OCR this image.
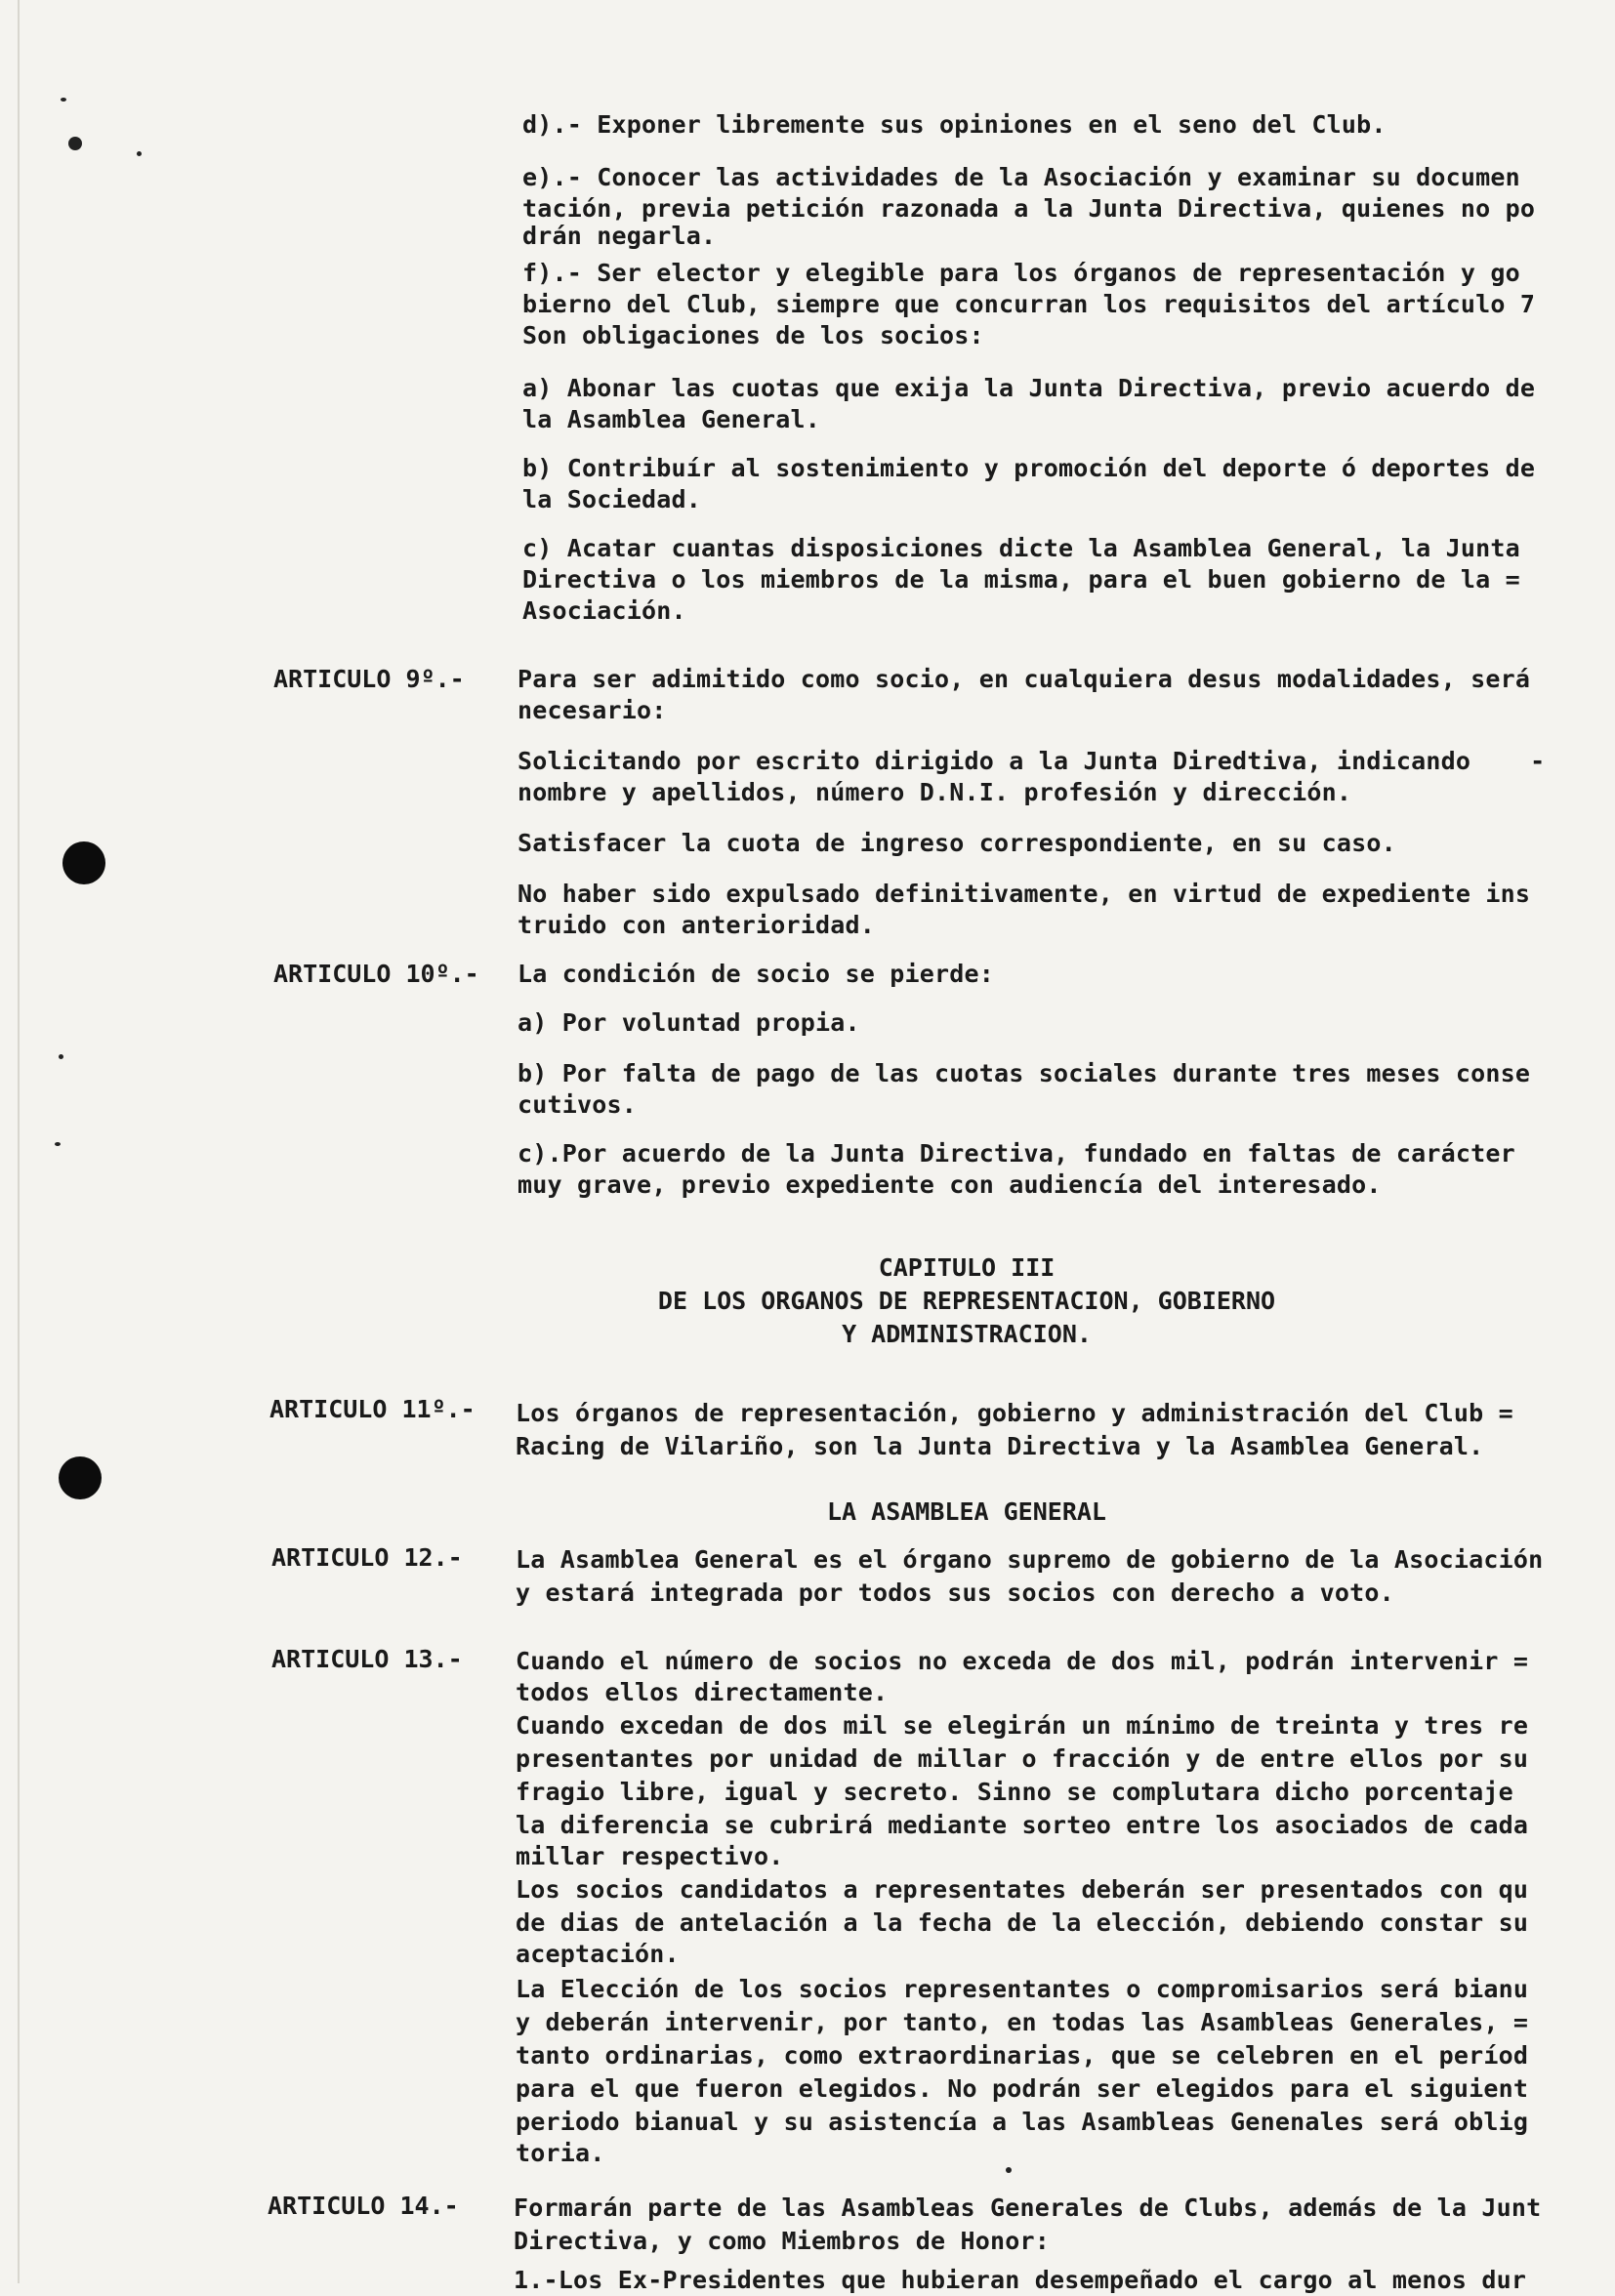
d).- Exponer libremente sus opiniones en el seno del Club.
e).- Conocer las actividades de la Asociación y examinar su documen
tación, previa petición razonada a la Junta Directiva, quienes no po
drán negarla.
f).- Ser elector y elegible para los órganos de representación y go
bierno del Club, siempre que concurran los requisitos del artículo 7
Son obligaciones de los socios:
a) Abonar las cuotas que exija la Junta Directiva, previo acuerdo de
la Asamblea General.
b) Contribuír al sostenimiento y promoción del deporte ó deportes de
la Sociedad.
c) Acatar cuantas disposiciones dicte la Asamblea General, la Junta
Directiva o los miembros de la misma, para el buen gobierno de la =
Asociación.
ARTICULO 9º.- Para ser adimitido como socio, en cualquiera desus modalidades, será
necesario:
Solicitando por escrito dirigido a la Junta Diredtiva, indicando    -
nombre y apellidos, número D.N.I. profesión y dirección.
Satisfacer la cuota de ingreso correspondiente, en su caso.
No haber sido expulsado definitivamente, en virtud de expediente ins
truido con anterioridad.
ARTICULO 10º.- La condición de socio se pierde:
a) Por voluntad propia.
b) Por falta de pago de las cuotas sociales durante tres meses conse
cutivos.
c).Por acuerdo de la Junta Directiva, fundado en faltas de carácter
muy grave, previo expediente con audiencía del interesado.
CAPITULO III
DE LOS ORGANOS DE REPRESENTACION, GOBIERNO
Y ADMINISTRACION.
ARTICULO 11º.- Los órganos de representación, gobierno y administración del Club =
Racing de Vilariño, son la Junta Directiva y la Asamblea General.
LA ASAMBLEA GENERAL
ARTICULO 12.- La Asamblea General es el órgano supremo de gobierno de la Asociación
y estará integrada por todos sus socios con derecho a voto.
ARTICULO 13.- Cuando el número de socios no exceda de dos mil, podrán intervenir =
todos ellos directamente.
Cuando excedan de dos mil se elegirán un mínimo de treinta y tres re
presentantes por unidad de millar o fracción y de entre ellos por su
fragio libre, igual y secreto. Sinno se complutara dicho porcentaje
la diferencia se cubrirá mediante sorteo entre los asociados de cada
millar respectivo.
Los socios candidatos a representates deberán ser presentados con qu
de dias de antelación a la fecha de la elección, debiendo constar su
aceptación.
La Elección de los socios representantes o compromisarios será bianu
y deberán intervenir, por tanto, en todas las Asambleas Generales, =
tanto ordinarias, como extraordinarias, que se celebren en el períod
para el que fueron elegidos. No podrán ser elegidos para el siguient
periodo bianual y su asistencía a las Asambleas Genenales será oblig
toria.
ARTICULO 14.- Formarán parte de las Asambleas Generales de Clubs, además de la Junt
Directiva, y como Miembros de Honor:
1.-Los Ex-Presidentes que hubieran desempeñado el cargo al menos dur
